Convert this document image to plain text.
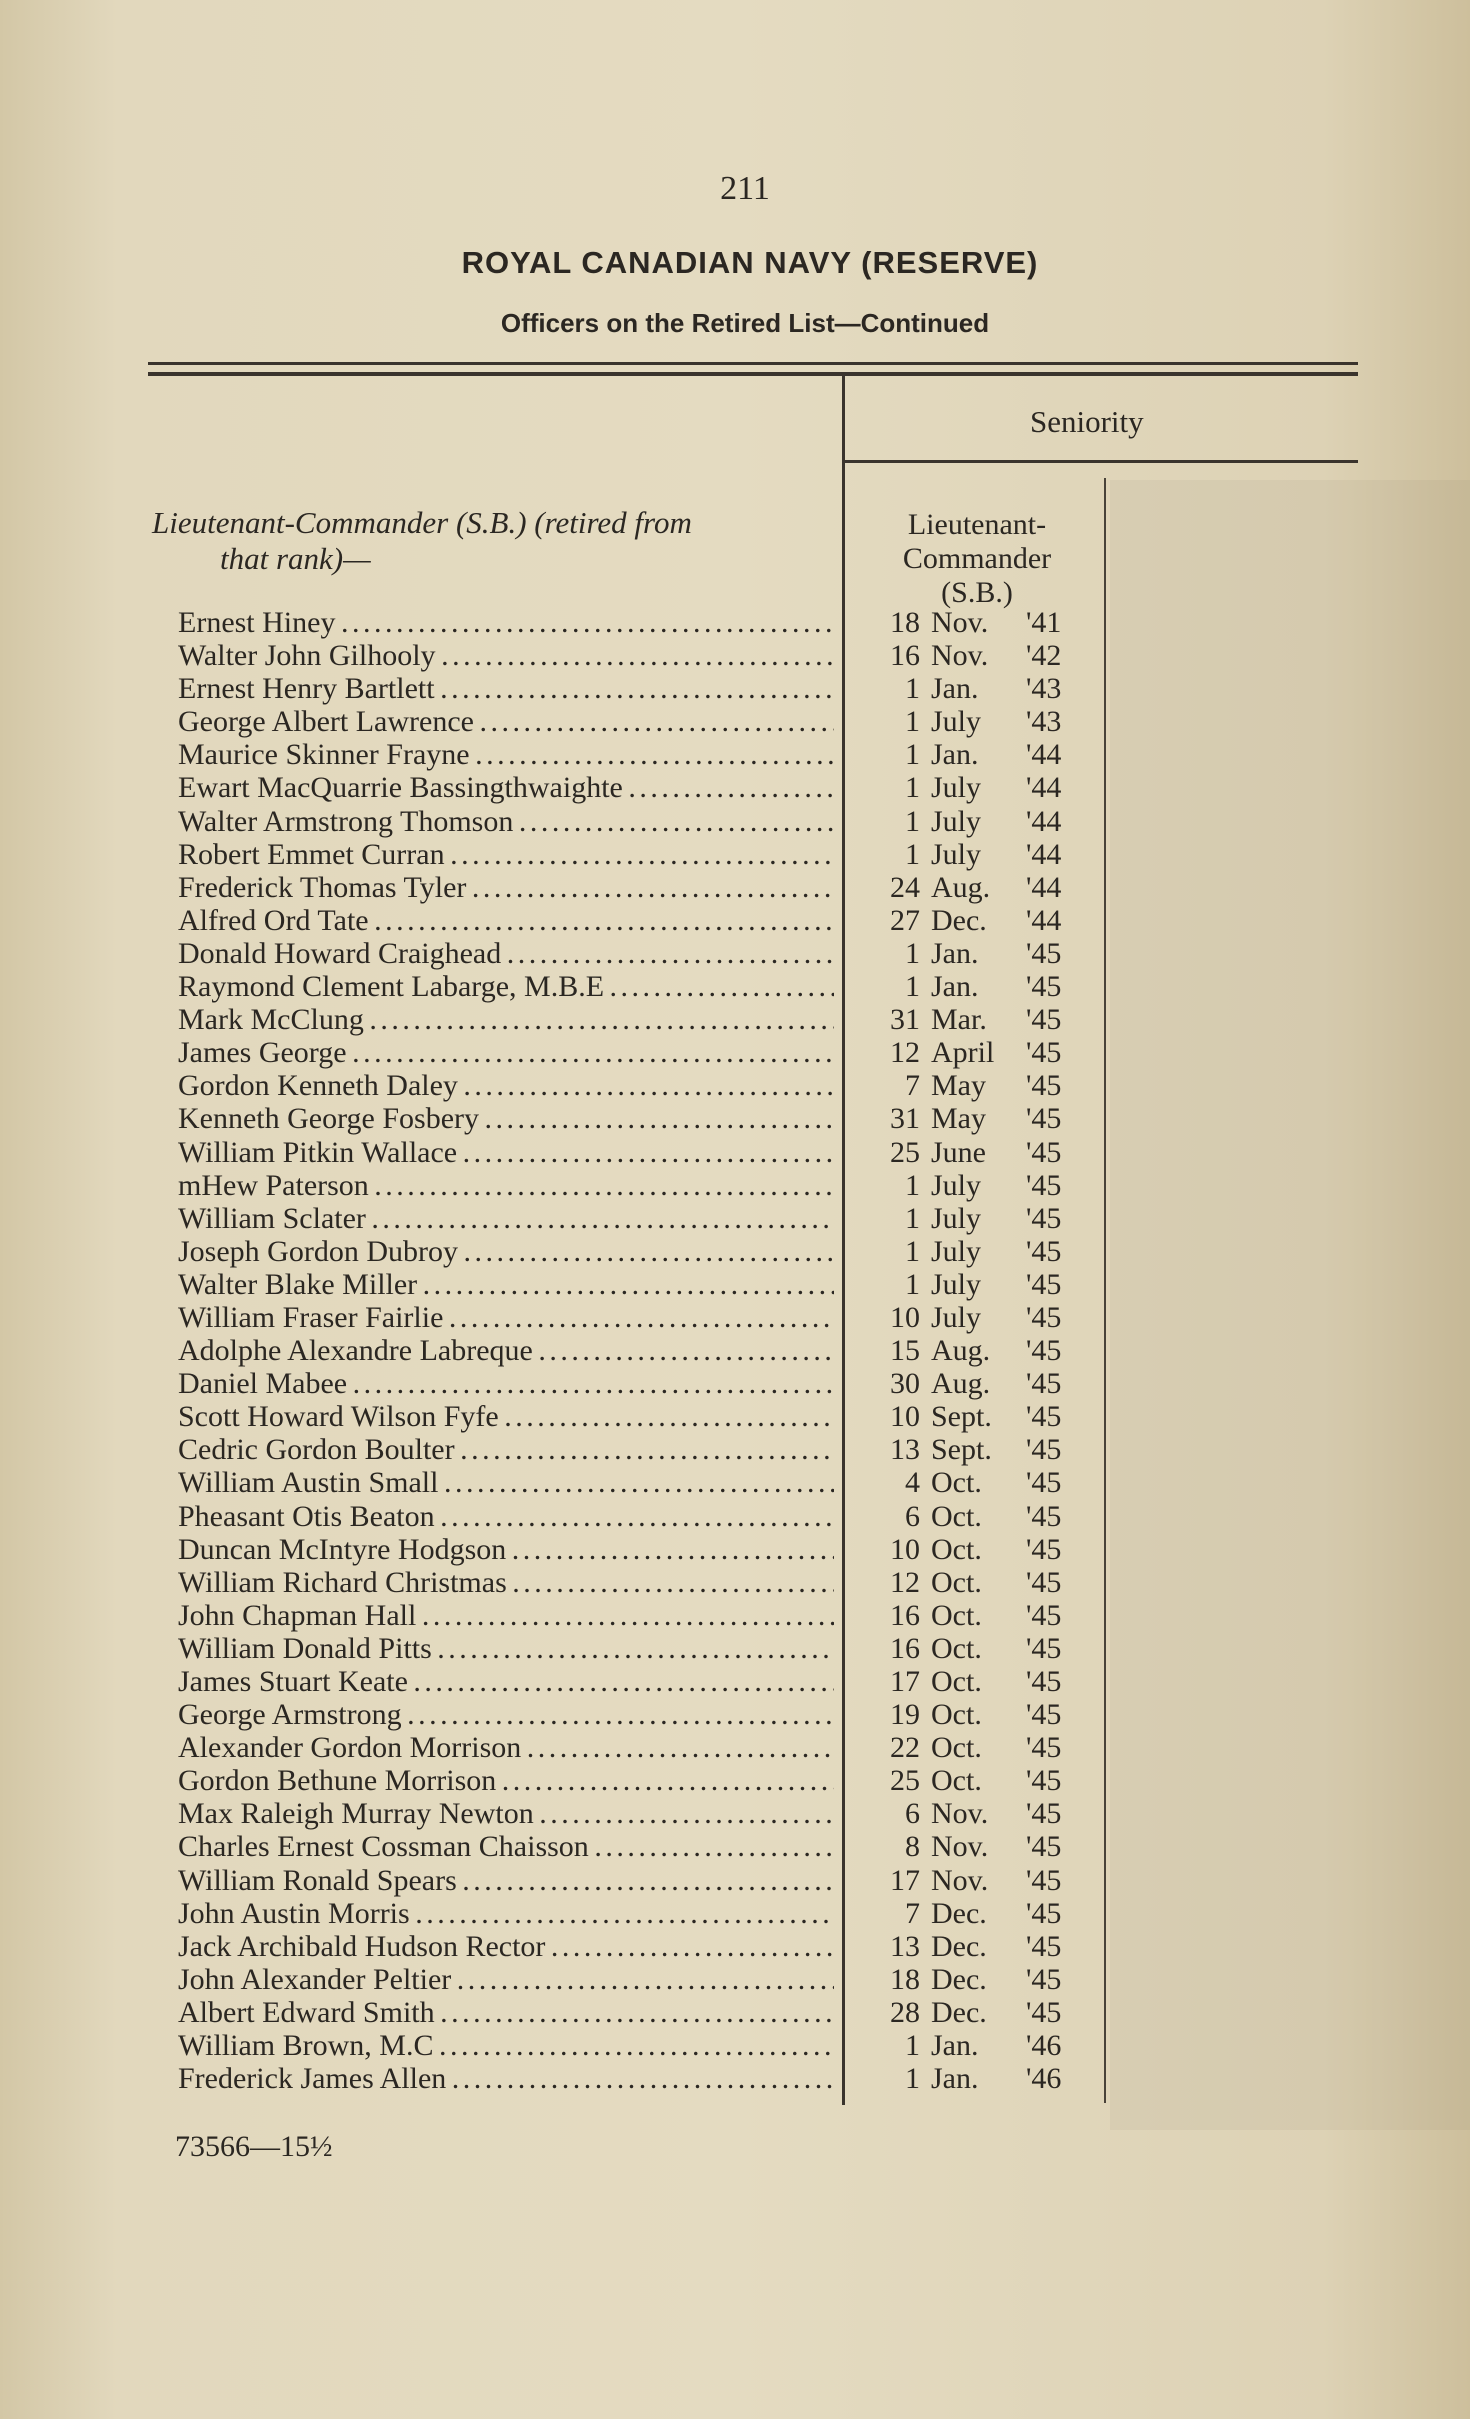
211
ROYAL CANADIAN NAVY (RESERVE)
Officers on the Retired List—Continued
Seniority
Lieutenant-Commander (S.B.) (retired from
that rank)—
Lieutenant-
Commander
(S.B.)
Ernest Hiney . . .	18 Nov. '41
Walter John Gilhooly . . .	16 Nov. '42
Ernest Henry Bartlett . . .	1 Jan. '43
George Albert Lawrence . . .	1 July '43
Maurice Skinner Frayne . . .	1 Jan. '44
Ewart MacQuarrie Bassingthwaighte . . .	1 July '44
Walter Armstrong Thomson . . .	1 July '44
Robert Emmet Curran . . .	1 July '44
Frederick Thomas Tyler . . .	24 Aug. '44
Alfred Ord Tate . . .	27 Dec. '44
Donald Howard Craighead . . .	1 Jan. '45
Raymond Clement Labarge, M.B.E . . .	1 Jan. '45
Mark McClung . . .	31 Mar. '45
James George . . .	12 April '45
Gordon Kenneth Daley . . .	7 May '45
Kenneth George Fosbery . . .	31 May '45
William Pitkin Wallace . . .	25 June '45
mHew Paterson . . .	1 July '45
William Sclater . . .	1 July '45
Joseph Gordon Dubroy . . .	1 July '45
Walter Blake Miller . . .	1 July '45
William Fraser Fairlie . . .	10 July '45
Adolphe Alexandre Labreque . . .	15 Aug. '45
Daniel Mabee . . .	30 Aug. '45
Scott Howard Wilson Fyfe . . .	10 Sept. '45
Cedric Gordon Boulter . . .	13 Sept. '45
William Austin Small . . .	4 Oct. '45
Pheasant Otis Beaton . . .	6 Oct. '45
Duncan McIntyre Hodgson . . .	10 Oct. '45
William Richard Christmas . . .	12 Oct. '45
John Chapman Hall . . .	16 Oct. '45
William Donald Pitts . . .	16 Oct. '45
James Stuart Keate . . .	17 Oct. '45
George Armstrong . . .	19 Oct. '45
Alexander Gordon Morrison . . .	22 Oct. '45
Gordon Bethune Morrison . . .	25 Oct. '45
Max Raleigh Murray Newton . . .	6 Nov. '45
Charles Ernest Cossman Chaisson . . .	8 Nov. '45
William Ronald Spears . . .	17 Nov. '45
John Austin Morris . . .	7 Dec. '45
Jack Archibald Hudson Rector . . .	13 Dec. '45
John Alexander Peltier . . .	18 Dec. '45
Albert Edward Smith . . .	28 Dec. '45
William Brown, M.C . . .	1 Jan. '46
Frederick James Allen . . .	1 Jan. '46
73566—15½
